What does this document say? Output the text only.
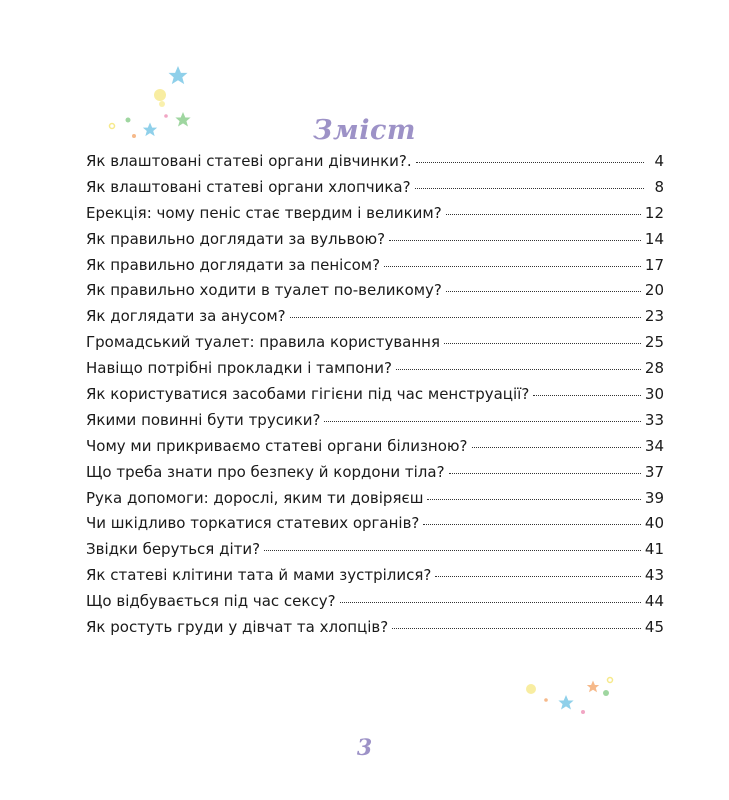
Зміст
Як влаштовані статеві органи дівчинки?.	4
Як влаштовані статеві органи хлопчика?	8
Ерекція: чому пеніс стає твердим і великим?	12
Як правильно доглядати за вульвою?	14
Як правильно доглядати за пенісом?	17
Як правильно ходити в туалет по-великому?	20
Як доглядати за анусом?	23
Громадський туалет: правила користування	25
Навіщо потрібні прокладки і тампони?	28
Як користуватися засобами гігієни під час менструації?	30
Якими повинні бути трусики?	33
Чому ми прикриваємо статеві органи білизною?	34
Що треба знати про безпеку й кордони тіла?	37
Рука допомоги: дорослі, яким ти довіряєш	39
Чи шкідливо торкатися статевих органів?	40
Звідки беруться діти?	41
Як статеві клітини тата й мами зустрілися?	43
Що відбувається під час сексу?	44
Як ростуть груди у дівчат та хлопців?	45
3
